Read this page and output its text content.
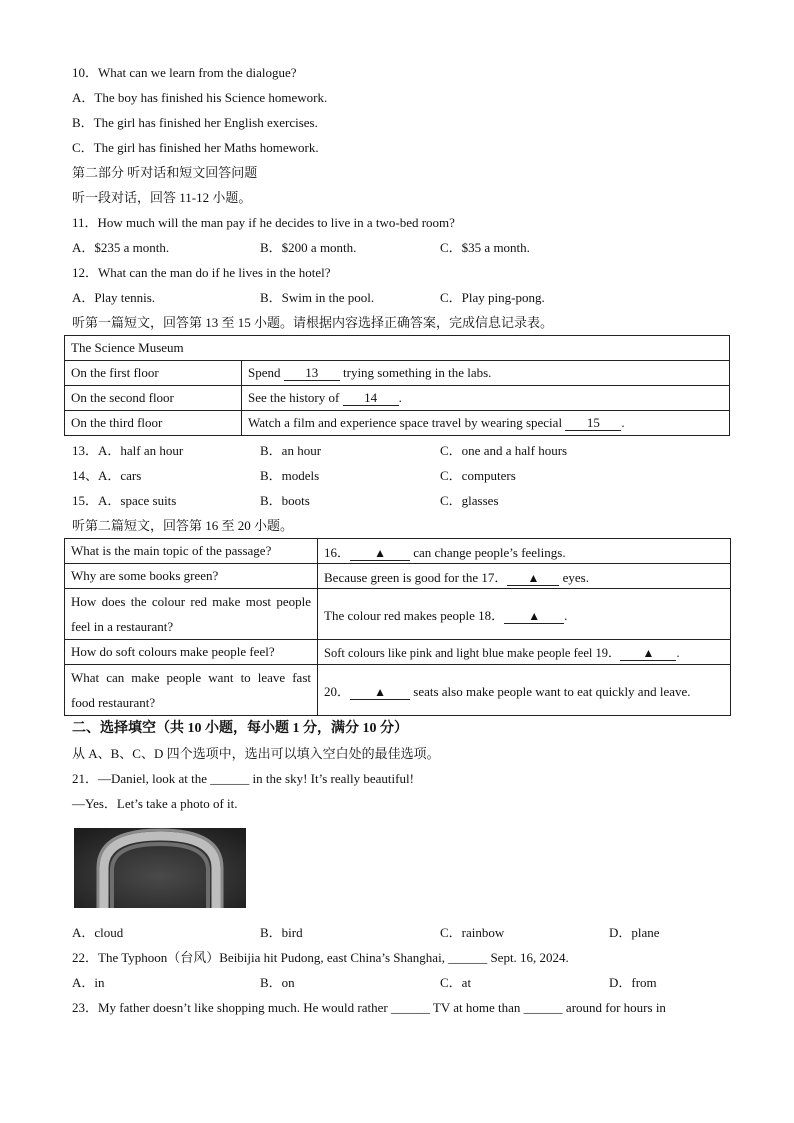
10．What can we learn from the dialogue?
A．The boy has finished his Science homework.
B．The girl has finished her English exercises.
C．The girl has finished her Maths homework.
第二部分 听对话和短文回答问题
听一段对话，回答 11-12 小题。
11．How much will the man pay if he decides to live in a two-bed room?
A．$235 a month.	B．$200 a month.	C．$35 a month.
12．What can the man do if he lives in the hotel?
A．Play tennis.	B．Swim in the pool.	C．Play ping-pong.
听第一篇短文，回答第 13 至 15 小题。请根据内容选择正确答案，完成信息记录表。
The Science Museum	
On the first floor	Spend 13 trying something in the labs.
On the second floor	See the history of 14 .
On the third floor	Watch a film and experience space travel by wearing special 15 .
13．A．half an hour	B．an hour	C．one and a half hours
14、A．cars	B．models	C．computers
15．A．space suits	B．boots	C．glasses
听第二篇短文，回答第 16 至 20 小题。
What is the main topic of the passage?	16． ▲ can change people’s feelings.
Why are some books green?	Because green is good for the 17． ▲ eyes.
How does the colour red make most people feel in a restaurant?	The colour red makes people 18． ▲ .
How do soft colours make people feel?	Soft colours like pink and light blue make people feel 19． ▲ .
What can make people want to leave fast food restaurant?	20． ▲ seats also make people want to eat quickly and leave.
二、选择填空（共 10 小题，每小题 1 分，满分 10 分）
从 A、B、C、D 四个选项中，选出可以填入空白处的最佳选项。
21．—Daniel, look at the ______ in the sky! It’s really beautiful!
—Yes．Let’s take a photo of it.
A．cloud	B．bird	C．rainbow	D．plane
22．The Typhoon（台风）Beibijia hit Pudong, east China’s Shanghai, ______ Sept. 16, 2024.
A．in	B．on	C．at	D．from
23．My father doesn’t like shopping much. He would rather ______ TV at home than ______ around for hours in
